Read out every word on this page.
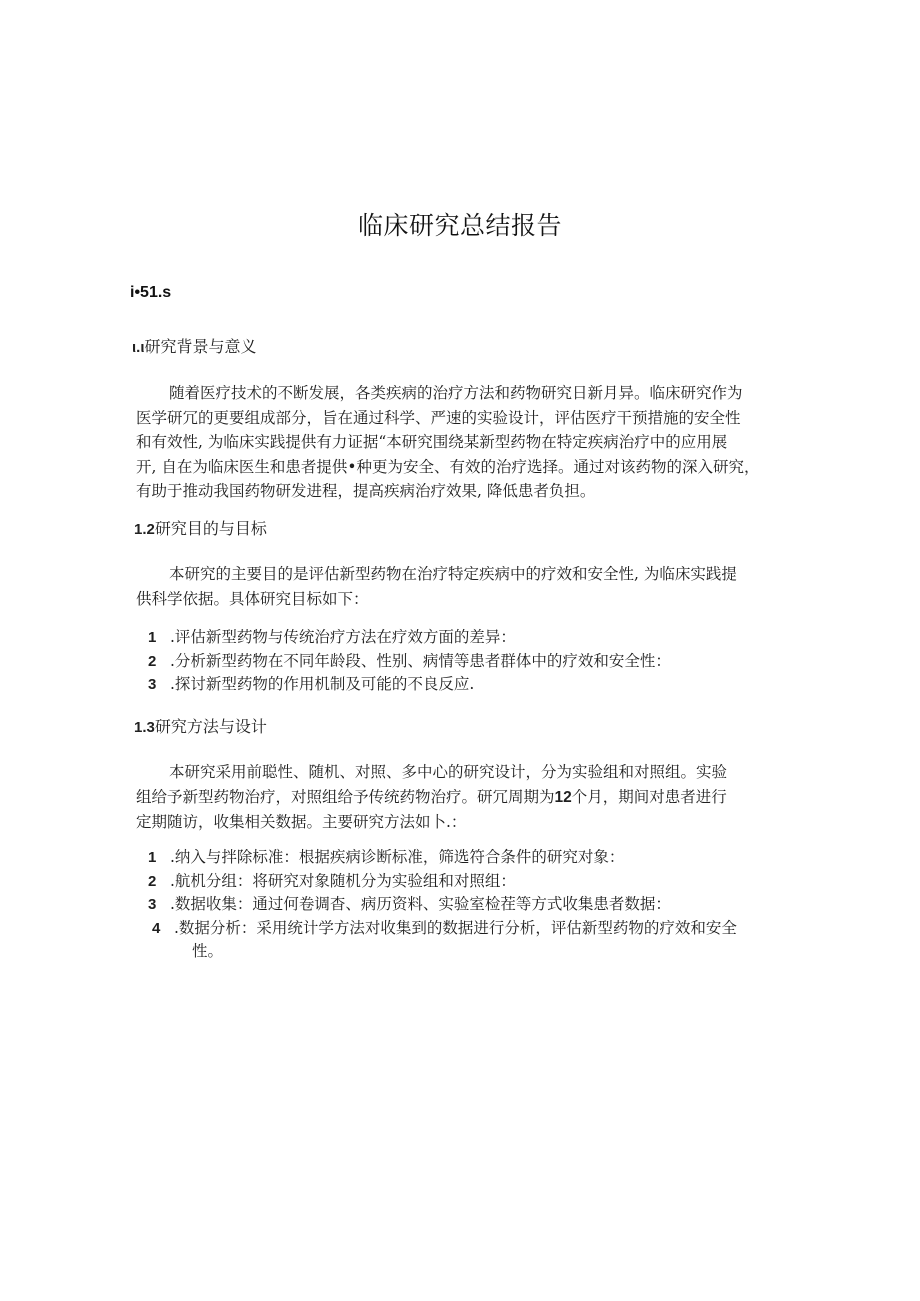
临床研究总结报告
i•51.s
ι.ι研究背景与意义
随着医疗技术的不断发展，各类疾病的治疗方法和药物研究日新月异。临床研究作为
医学研冗的更要组成部分，旨在通过科学、严速的实验设计，评估医疗干预措施的安全性
和有效性, 为临床实践提供有力证据“本研究围绕某新型药物在特定疾病治疗中的应用展
开, 自在为临床医生和患者提供•种更为安全、有效的治疗选择。通过对该药物的深入研究，
有助于推动我国药物研发进程，提高疾病治疗效果, 降低患者负担。
1.2研究目的与目标
本研究的主要目的是评估新型药物在治疗特定疾病中的疗效和安全性, 为临床实践提
供科学依据。具体研究目标如下：
1 .评估新型药物与传统治疗方法在疗效方面的差异：
2 .分析新型药物在不同年龄段、性别、病情等患者群体中的疗效和安全性：
3 .探讨新型药物的作用机制及可能的不良反应.
1.3研究方法与设计
本研究采用前聪性、随机、对照、多中心的研究设计，分为实验组和对照组。实验
组给予新型药物治疗，对照组给予传统药物治疗。研冗周期为12个月，期间对患者进行
定期随访，收集相关数据。主要研究方法如卜.：
1 .纳入与拌除标准：根据疾病诊断标准，筛选符合条件的研究对象：
2 .航机分组：将研究对象随机分为实验组和对照组：
3 .数据收集：通过何卷调杳、病历资料、实验室检茬等方式收集患者数据：
4 .数据分析：采用统计学方法对收集到的数据进行分析，评估新型药物的疗效和安全
性。
